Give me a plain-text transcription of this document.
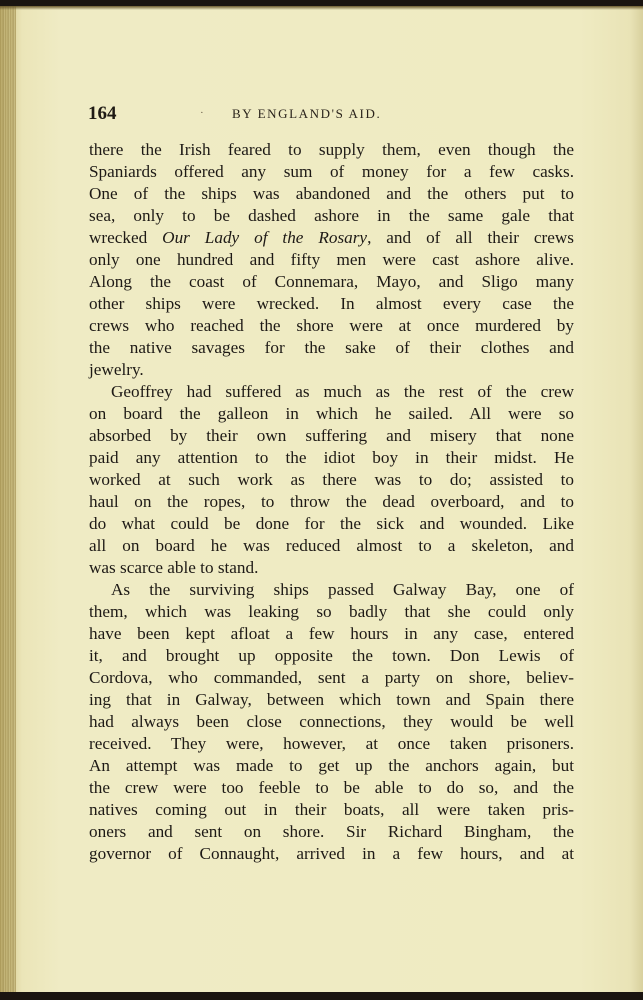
164	· BY ENGLAND'S AID.
there the Irish feared to supply them, even though the
Spaniards offered any sum of money for a few casks.
One of the ships was abandoned and the others put to
sea, only to be dashed ashore in the same gale that
wrecked Our Lady of the Rosary, and of all their crews
only one hundred and fifty men were cast ashore alive.
Along the coast of Connemara, Mayo, and Sligo many
other ships were wrecked. In almost every case the
crews who reached the shore were at once murdered by
the native savages for the sake of their clothes and
jewelry.
Geoffrey had suffered as much as the rest of the crew
on board the galleon in which he sailed. All were so
absorbed by their own suffering and misery that none
paid any attention to the idiot boy in their midst. He
worked at such work as there was to do; assisted to
haul on the ropes, to throw the dead overboard, and to
do what could be done for the sick and wounded. Like
all on board he was reduced almost to a skeleton, and
was scarce able to stand.
As the surviving ships passed Galway Bay, one of
them, which was leaking so badly that she could only
have been kept afloat a few hours in any case, entered
it, and brought up opposite the town. Don Lewis of
Cordova, who commanded, sent a party on shore, believ-
ing that in Galway, between which town and Spain there
had always been close connections, they would be well
received. They were, however, at once taken prisoners.
An attempt was made to get up the anchors again, but
the crew were too feeble to be able to do so, and the
natives coming out in their boats, all were taken pris-
oners and sent on shore. Sir Richard Bingham, the
governor of Connaught, arrived in a few hours, and at
